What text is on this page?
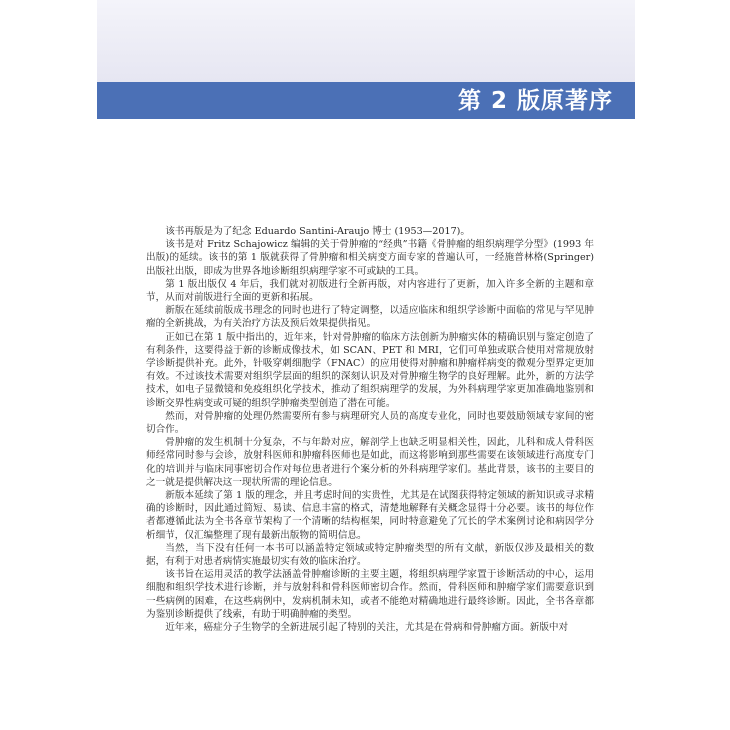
第 2 版原著序

该书再版是为了纪念 Eduardo Santini-Araujo 博士 (1953—2017)。

该书是对 Fritz Schajowicz 编辑的关于骨肿瘤的“经典”书籍《骨肿瘤的组织病理学分型》(1993 年出版)的延续。该书的第 1 版就获得了骨肿瘤和相关病变方面专家的普遍认可，一经施普林格(Springer)出版社出版，即成为世界各地诊断组织病理学家不可或缺的工具。

第 1 版出版仅 4 年后，我们就对初版进行全新再版，对内容进行了更新，加入许多全新的主题和章节，从而对前版进行全面的更新和拓展。

新版在延续前版成书理念的同时也进行了特定调整，以适应临床和组织学诊断中面临的常见与罕见肿瘤的全新挑战，为有关治疗方法及预后效果提供指见。

正如已在第 1 版中指出的，近年来，针对骨肿瘤的临床方法创新为肿瘤实体的精确识别与鉴定创造了有利条件，这要得益于新的诊断成像技术，如 SCAN、PET 和 MRI，它们可单独或联合使用对常规放射学诊断提供补充。此外，针吸穿刺细胞学（FNAC）的应用使得对肿瘤和肿瘤样病变的微观分型界定更加有效。不过该技术需要对组织学层面的组织的深刻认识及对骨肿瘤生物学的良好理解。此外，新的方法学技术，如电子显微镜和免疫组织化学技术，推动了组织病理学的发展，为外科病理学家更加准确地鉴别和诊断交界性病变或可疑的组织学肿瘤类型创造了潜在可能。

然而，对骨肿瘤的处理仍然需要所有参与病理研究人员的高度专业化，同时也要鼓励领域专家间的密切合作。

骨肿瘤的发生机制十分复杂，不与年龄对应，解剖学上也缺乏明显相关性，因此，儿科和成人骨科医师经常同时参与会诊，放射科医师和肿瘤科医师也是如此，而这将影响到那些需要在该领域进行高度专门化的培训并与临床同事密切合作对每位患者进行个案分析的外科病理学家们。基此背景，该书的主要目的之一就是提供解决这一现状所需的理论信息。

新版本延续了第 1 版的理念，并且考虑时间的实贵性，尤其是在试图获得特定领域的新知识或寻求精确的诊断时，因此通过简短、易读、信息丰富的格式，清楚地解释有关概念显得十分必要。该书的每位作者都遵循此法为全书各章节架构了一个清晰的结构框架，同时特意避免了冗长的学术案例讨论和病因学分析细节，仅汇编整理了现有最新出版物的简明信息。

当然，当下没有任何一本书可以涵盖特定领域或特定肿瘤类型的所有文献，新版仅涉及最相关的数据，有利于对患者病情实施最切实有效的临床治疗。

该书旨在运用灵活的教学法涵盖骨肿瘤诊断的主要主题，将组织病理学家置于诊断活动的中心，运用细胞和组织学技术进行诊断，并与放射科和骨科医师密切合作。然而，骨科医师和肿瘤学家们需要意识到一些病例的困难，在这些病例中，发病机制未知，或者不能绝对精确地进行最终诊断。因此，全书各章都为鉴别诊断提供了线索，有助于明确肿瘤的类型。

近年来，癌症分子生物学的全新进展引起了特别的关注，尤其是在骨病和骨肿瘤方面。新版中对
